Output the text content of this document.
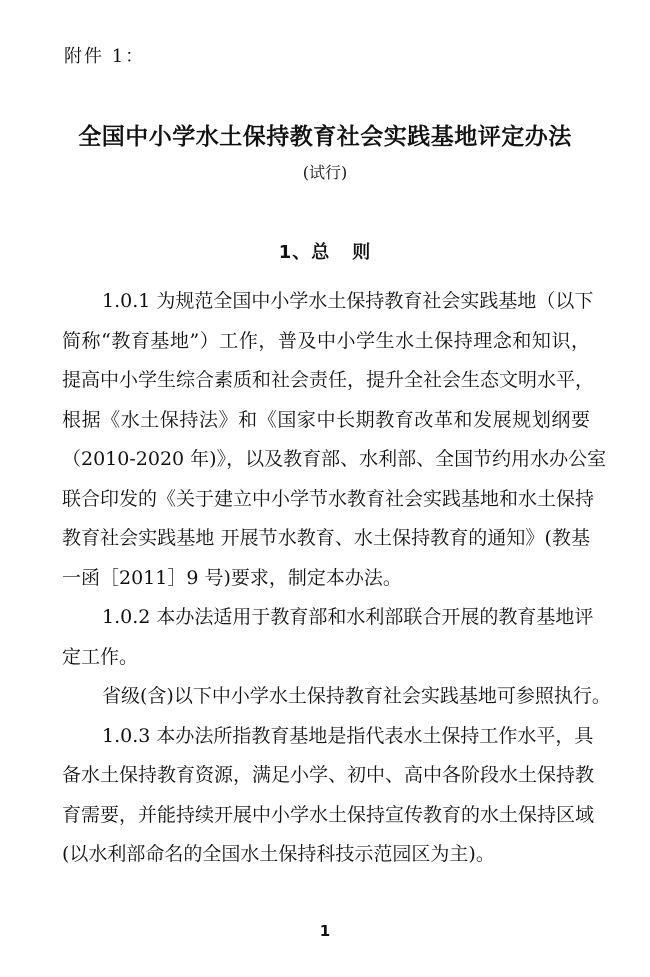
附件 1：
全国中小学水土保持教育社会实践基地评定办法
(试行)
1、总 则
1.0.1 为规范全国中小学水土保持教育社会实践基地（以下
简称“教育基地”）工作，普及中小学生水土保持理念和知识，
提高中小学生综合素质和社会责任，提升全社会生态文明水平，
根据《水土保持法》和《国家中长期教育改革和发展规划纲要
（2010-2020 年)》，以及教育部、水利部、全国节约用水办公室
联合印发的《关于建立中小学节水教育社会实践基地和水土保持
教育社会实践基地 开展节水教育、水土保持教育的通知》(教基
一函［2011］9 号)要求，制定本办法。
1.0.2 本办法适用于教育部和水利部联合开展的教育基地评
定工作。
省级(含)以下中小学水土保持教育社会实践基地可参照执行。
1.0.3 本办法所指教育基地是指代表水土保持工作水平，具
备水土保持教育资源，满足小学、初中、高中各阶段水土保持教
育需要，并能持续开展中小学水土保持宣传教育的水土保持区域
(以水利部命名的全国水土保持科技示范园区为主)。
1
